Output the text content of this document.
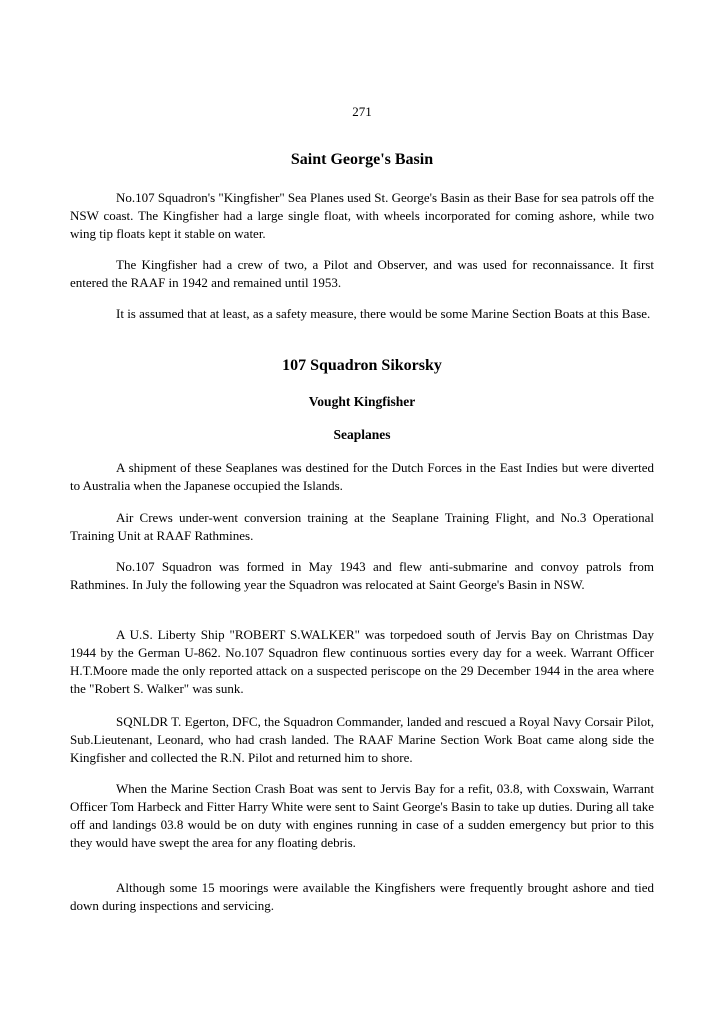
271
Saint George's Basin

No.107 Squadron's "Kingfisher" Sea Planes used St. George's Basin as their Base for sea patrols off the NSW coast. The Kingfisher had a large single float, with wheels incorporated for coming ashore, while two wing tip floats kept it stable on water.

The Kingfisher had a crew of two, a Pilot and Observer, and was used for reconnaissance. It first entered the RAAF in 1942 and remained until 1953.

It is assumed that at least, as a safety measure, there would be some Marine Section Boats at this Base.

107 Squadron Sikorsky
Vought Kingfisher
Seaplanes

A shipment of these Seaplanes was destined for the Dutch Forces in the East Indies but were diverted to Australia when the Japanese occupied the Islands.

Air Crews under-went conversion training at the Seaplane Training Flight, and No.3 Operational Training Unit at RAAF Rathmines.

No.107 Squadron was formed in May 1943 and flew anti-submarine and convoy patrols from Rathmines. In July the following year the Squadron was relocated at Saint George's Basin in NSW.

A U.S. Liberty Ship "ROBERT S.WALKER" was torpedoed south of Jervis Bay on Christmas Day 1944 by the German U-862. No.107 Squadron flew continuous sorties every day for a week. Warrant Officer H.T.Moore made the only reported attack on a suspected periscope on the 29 December 1944 in the area where the "Robert S. Walker" was sunk.

SQNLDR T. Egerton, DFC, the Squadron Commander, landed and rescued a Royal Navy Corsair Pilot, Sub.Lieutenant, Leonard, who had crash landed. The RAAF Marine Section Work Boat came along side the Kingfisher and collected the R.N. Pilot and returned him to shore.

When the Marine Section Crash Boat was sent to Jervis Bay for a refit, 03.8, with Coxswain, Warrant Officer Tom Harbeck and Fitter Harry White were sent to Saint George's Basin to take up duties. During all take off and landings 03.8 would be on duty with engines running in case of a sudden emergency but prior to this they would have swept the area for any floating debris.

Although some 15 moorings were available the Kingfishers were frequently brought ashore and tied down during inspections and servicing.
